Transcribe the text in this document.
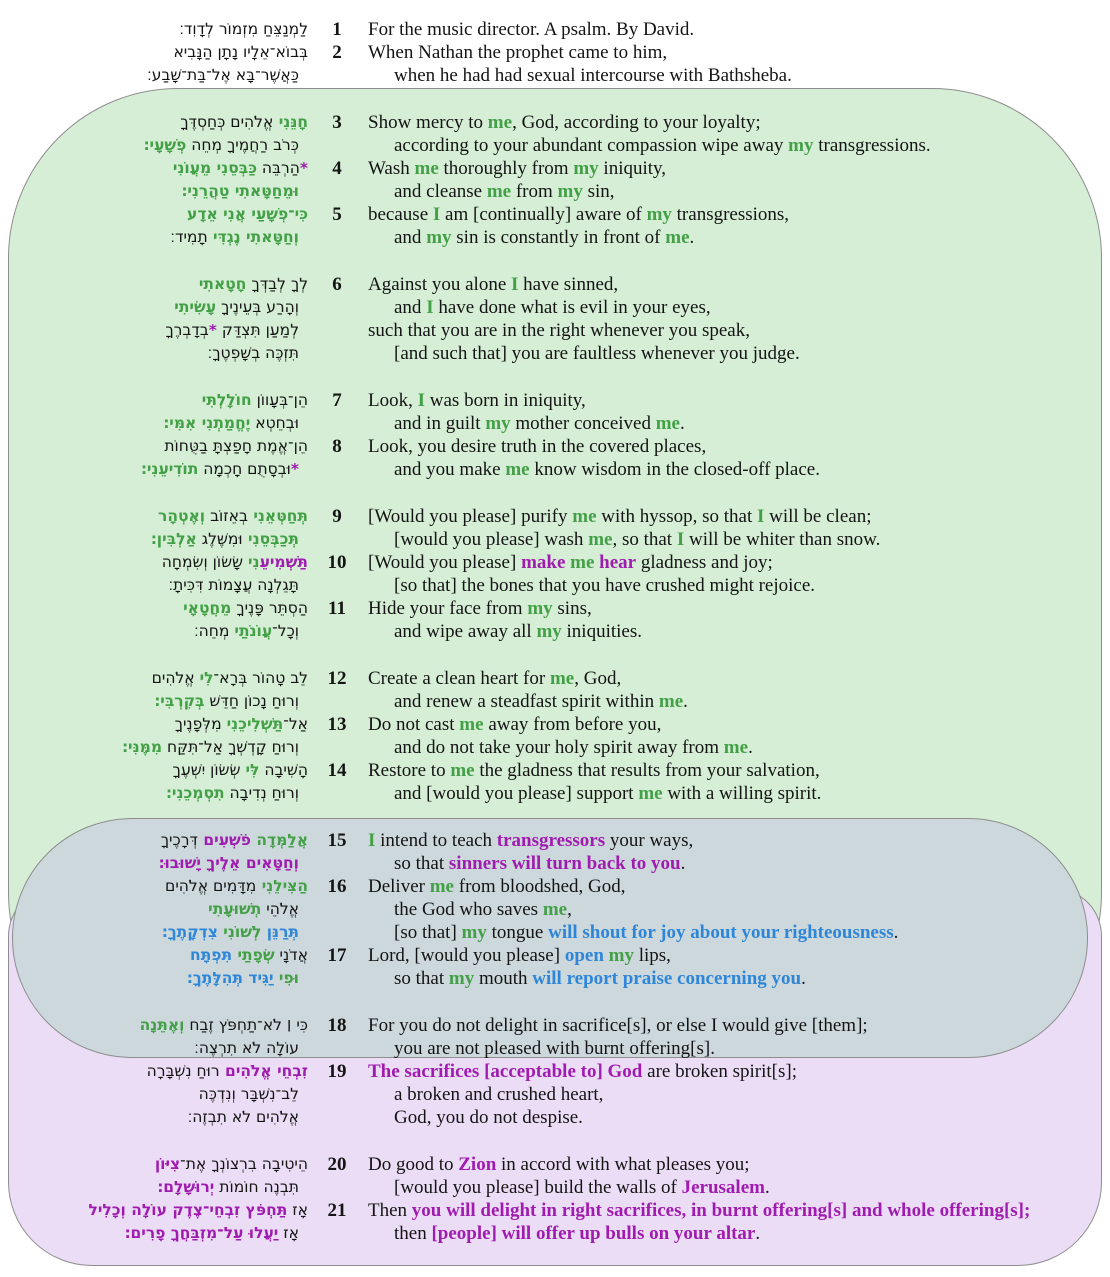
לַמְנַצֵּחַ מִזְמוֹר לְדָוִד׃	1	For the music director. A psalm. By David.
בְּבוֹא־אֵלָיו נָתָן הַנָּבִיא	2	When Nathan the prophet came to him,
כַּאֲשֶׁר־בָּא אֶל־בַּת־שָׁבַע׃	when he had had sexual intercourse with Bathsheba.
חָנֵּנִי אֱלֹהִים כְּחַסְדֶּךָ	3	Show mercy to me, God, according to your loyalty;
כְּרֹב רַחֲמֶיךָ מְחֵה פְשָׁעָי׃	according to your abundant compassion wipe away my transgressions.
*הַרְבֵּה כַּבְּסֵנִי מֵעֲוֹנִי	4	Wash me thoroughly from my iniquity,
וּמֵחַטָּאתִי טַהֲרֵנִי׃	and cleanse me from my sin,
כִּי־פְשָׁעַי אֲנִי אֵדָע	5	because I am [continually] aware of my transgressions,
וְחַטָּאתִי נֶגְדִּי תָמִיד׃	and my sin is constantly in front of me.
לְךָ לְבַדְּךָ חָטָאתִי	6	Against you alone I have sinned,
וְהָרַע בְּעֵינֶיךָ עָשִׂיתִי	and I have done what is evil in your eyes,
לְמַעַן תִּצְדַּק *בְדָבְרֶךָ	such that you are in the right whenever you speak,
תִּזְכֶּה בְשָׁפְטֶךָ׃	[and such that] you are faultless whenever you judge.
הֵן־בְּעָווֹן חוֹלָלְתִּי	7	Look, I was born in iniquity,
וּבְחֵטְא יֶחֱמַתְנִי אִמִּי׃	and in guilt my mother conceived me.
הֵן־אֱמֶת חָפַצְתָּ בַטֻּחוֹת	8	Look, you desire truth in the covered places,
*וּבְסָתֻם חָכְמָה תוֹדִיעֵנִי׃	and you make me know wisdom in the closed-off place.
תְּחַטְּאֵנִי בְאֵזוֹב וְאֶטְהָר	9	[Would you please] purify me with hyssop, so that I will be clean;
תְּכַבְּסֵנִי וּמִשֶּׁלֶג אַלְבִּין׃	[would you please] wash me, so that I will be whiter than snow.
תַּשְׁמִיעֵנִי שָׂשׂוֹן וְשִׂמְחָה	10	[Would you please] make me hear gladness and joy;
תָּגֵלְנָה עֲצָמוֹת דִּכִּיתָ׃	[so that] the bones that you have crushed might rejoice.
הַסְתֵּר פָּנֶיךָ מֵחֲטָאָי	11	Hide your face from my sins,
וְכָל־עֲוֹנֹתַי מְחֵה׃	and wipe away all my iniquities.
לֵב טָהוֹר בְּרָא־לִי אֱלֹהִים	12	Create a clean heart for me, God,
וְרוּחַ נָכוֹן חַדֵּשׁ בְּקִרְבִּי׃	and renew a steadfast spirit within me.
אַל־תַּשְׁלִיכֵנִי מִלְּפָנֶיךָ	13	Do not cast me away from before you,
וְרוּחַ קָדְשְׁךָ אַל־תִּקַּח מִמֶּנִּי׃	and do not take your holy spirit away from me.
הָשִׁיבָה לִּי שְׂשׂוֹן יִשְׁעֶךָ	14	Restore to me the gladness that results from your salvation,
וְרוּחַ נְדִיבָה תִסְמְכֵנִי׃	and [would you please] support me with a willing spirit.
אֲלַמְּדָה פֹשְׁעִים דְּרָכֶיךָ	15	I intend to teach transgressors your ways,
וְחַטָּאִים אֵלֶיךָ יָשׁוּבוּ׃	so that sinners will turn back to you.
הַצִּילֵנִי מִדָּמִים אֱלֹהִים	16	Deliver me from bloodshed, God,
אֱלֹהֵי תְשׁוּעָתִי	the God who saves me,
תְּרַנֵּן לְשׁוֹנִי צִדְקָתֶךָ׃	[so that] my tongue will shout for joy about your righteousness.
אֲדֹנָי שְׂפָתַי תִּפְתָּח	17	Lord, [would you please] open my lips,
וּפִי יַגִּיד תְּהִלָּתֶךָ׃	so that my mouth will report praise concerning you.
כִּי ׀ לֹא־תַחְפֹּץ זֶבַח וְאֶתֵּנָה	18	For you do not delight in sacrifice[s], or else I would give [them];
עוֹלָה לֹא תִרְצֶה׃	you are not pleased with burnt offering[s].
זִבְחֵי אֱלֹהִים רוּחַ נִשְׁבָּרָה	19	The sacrifices [acceptable to] God are broken spirit[s];
לֵב־נִשְׁבָּר וְנִדְכֶּה	a broken and crushed heart,
אֱלֹהִים לֹא תִבְזֶה׃	God, you do not despise.
הֵיטִיבָה בִרְצוֹנְךָ אֶת־צִיּוֹן	20	Do good to Zion in accord with what pleases you;
תִּבְנֶה חוֹמוֹת יְרוּשָׁלִָם׃	[would you please] build the walls of Jerusalem.
אָז תַּחְפֹּץ זִבְחֵי־צֶדֶק עוֹלָה וְכָלִיל	21	Then you will delight in right sacrifices, in burnt offering[s] and whole offering[s];
אָז יַעֲלוּ עַל־מִזְבַּחֲךָ פָרִים׃	then [people] will offer up bulls on your altar.
